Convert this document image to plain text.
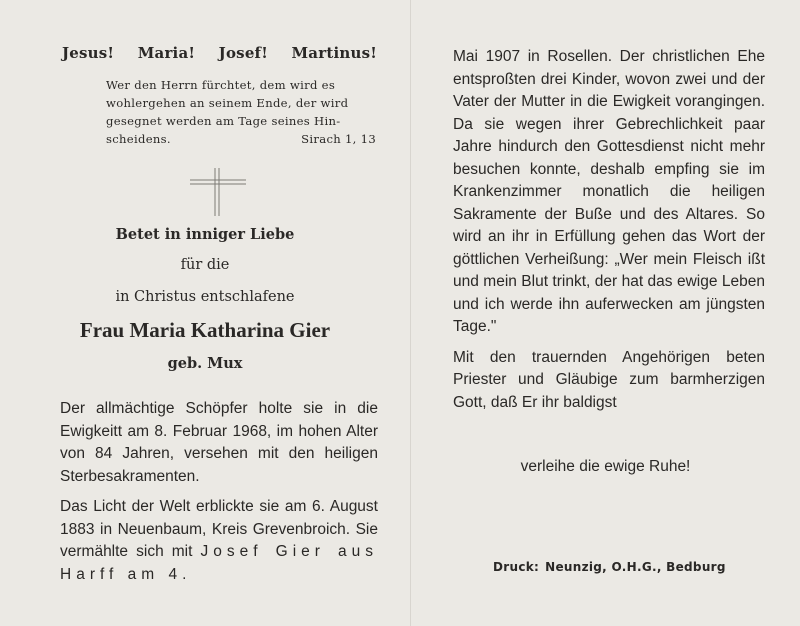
Jesus! Maria! Josef! Martinus!
Wer den Herrn fürchtet, dem wird es
wohlergehen an seinem Ende, der wird
gesegnet werden am Tage seines Hin-
scheidens.	Sirach 1, 13
Betet in inniger Liebe
für die
in Christus entschlafene
Frau Maria Katharina Gier
geb. Mux

Der allmächtige Schöpfer holte sie in die Ewigkeitt am 8. Februar 1968, im hohen Alter von 84 Jahren, versehen mit den heiligen Sterbesakramenten.

Das Licht der Welt erblickte sie am 6. August 1883 in Neuenbaum, Kreis Grevenbroich. Sie vermählte sich mit Josef Gier aus Harff am 4.

Mai 1907 in Rosellen. Der christlichen Ehe entsproßten drei Kinder, wovon zwei und der Vater der Mutter in die Ewigkeit vorangingen. Da sie wegen ihrer Gebrechlichkeit paar Jahre hindurch den Gottesdienst nicht mehr besuchen konnte, deshalb empfing sie im Krankenzimmer monatlich die heiligen Sakramente der Buße und des Altares. So wird an ihr in Erfüllung gehen das Wort der göttlichen Verheißung: „Wer mein Fleisch ißt und mein Blut trinkt, der hat das ewige Leben und ich werde ihn auferwecken am jüngsten Tage."

Mit den trauernden Angehörigen beten Priester und Gläubige zum barmherzigen Gott, daß Er ihr baldigst

verleihe die ewige Ruhe!
Druck: Neunzig, O.H.G., Bedburg
